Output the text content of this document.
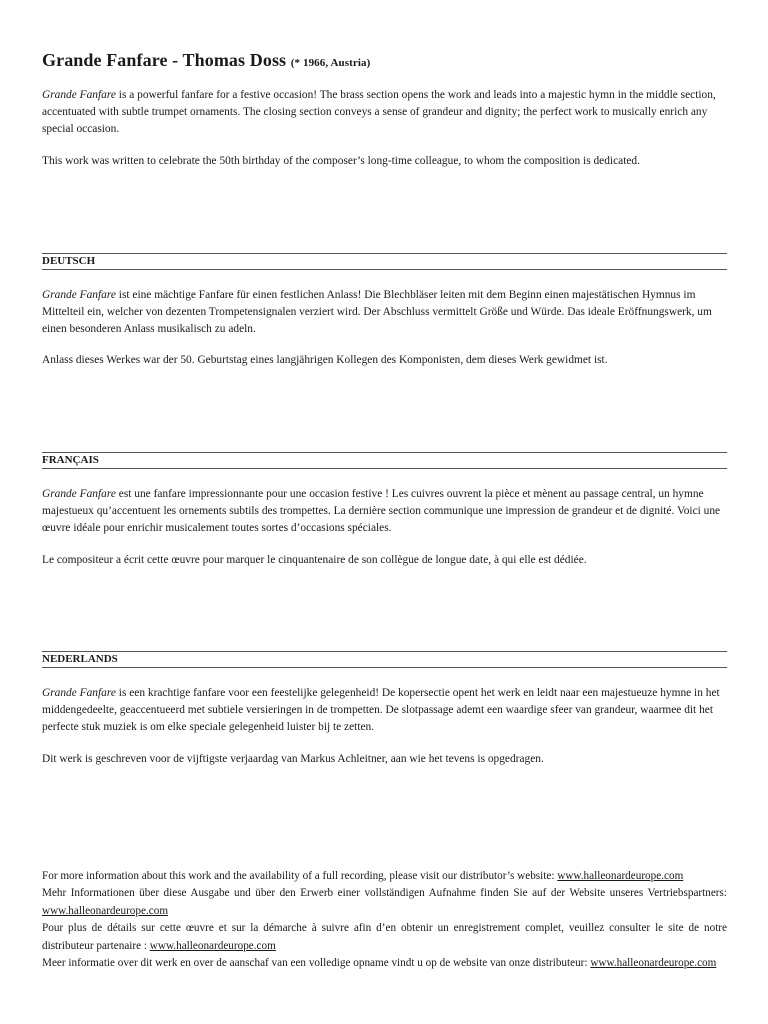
Grande Fanfare - Thomas Doss (* 1966, Austria)

Grande Fanfare is a powerful fanfare for a festive occasion! The brass section opens the work and leads into a majestic hymn in the middle section, accentuated with subtle trumpet ornaments. The closing section conveys a sense of grandeur and dignity; the perfect work to musically enrich any special occasion.

This work was written to celebrate the 50th birthday of the composer’s long-time colleague, to whom the composition is dedicated.

DEUTSCH

Grande Fanfare ist eine mächtige Fanfare für einen festlichen Anlass! Die Blechbläser leiten mit dem Beginn einen majestätischen Hymnus im Mittelteil ein, welcher von dezenten Trompetensignalen verziert wird. Der Abschluss vermittelt Größe und Würde. Das ideale Eröffnungswerk, um einen besonderen Anlass musikalisch zu adeln.

Anlass dieses Werkes war der 50. Geburtstag eines langjährigen Kollegen des Komponisten, dem dieses Werk gewidmet ist.

FRANÇAIS

Grande Fanfare est une fanfare impressionnante pour une occasion festive ! Les cuivres ouvrent la pièce et mènent au passage central, un hymne majestueux qu’accentuent les ornements subtils des trompettes. La dernière section communique une impression de grandeur et de dignité. Voici une œuvre idéale pour enrichir musicalement toutes sortes d’occasions spéciales.

Le compositeur a écrit cette œuvre pour marquer le cinquantenaire de son collègue de longue date, à qui elle est dédiée.

NEDERLANDS

Grande Fanfare is een krachtige fanfare voor een feestelijke gelegenheid! De kopersectie opent het werk en leidt naar een majestueuze hymne in het middengedeelte, geaccentueerd met subtiele versieringen in de trompetten. De slotpassage ademt een waardige sfeer van grandeur, waarmee dit het perfecte stuk muziek is om elke speciale gelegenheid luister bij te zetten.

Dit werk is geschreven voor de vijftigste verjaardag van Markus Achleitner, aan wie het tevens is opgedragen.

For more information about this work and the availability of a full recording, please visit our distributor’s website: www.halleonardeurope.com

Mehr Informationen über diese Ausgabe und über den Erwerb einer vollständigen Aufnahme finden Sie auf der Website unseres Vertriebspartners: www.halleonardeurope.com

Pour plus de détails sur cette œuvre et sur la démarche à suivre afin d’en obtenir un enregistrement complet, veuillez consulter le site de notre distributeur partenaire : www.halleonardeurope.com

Meer informatie over dit werk en over de aanschaf van een volledige opname vindt u op de website van onze distributeur: www.halleonardeurope.com
